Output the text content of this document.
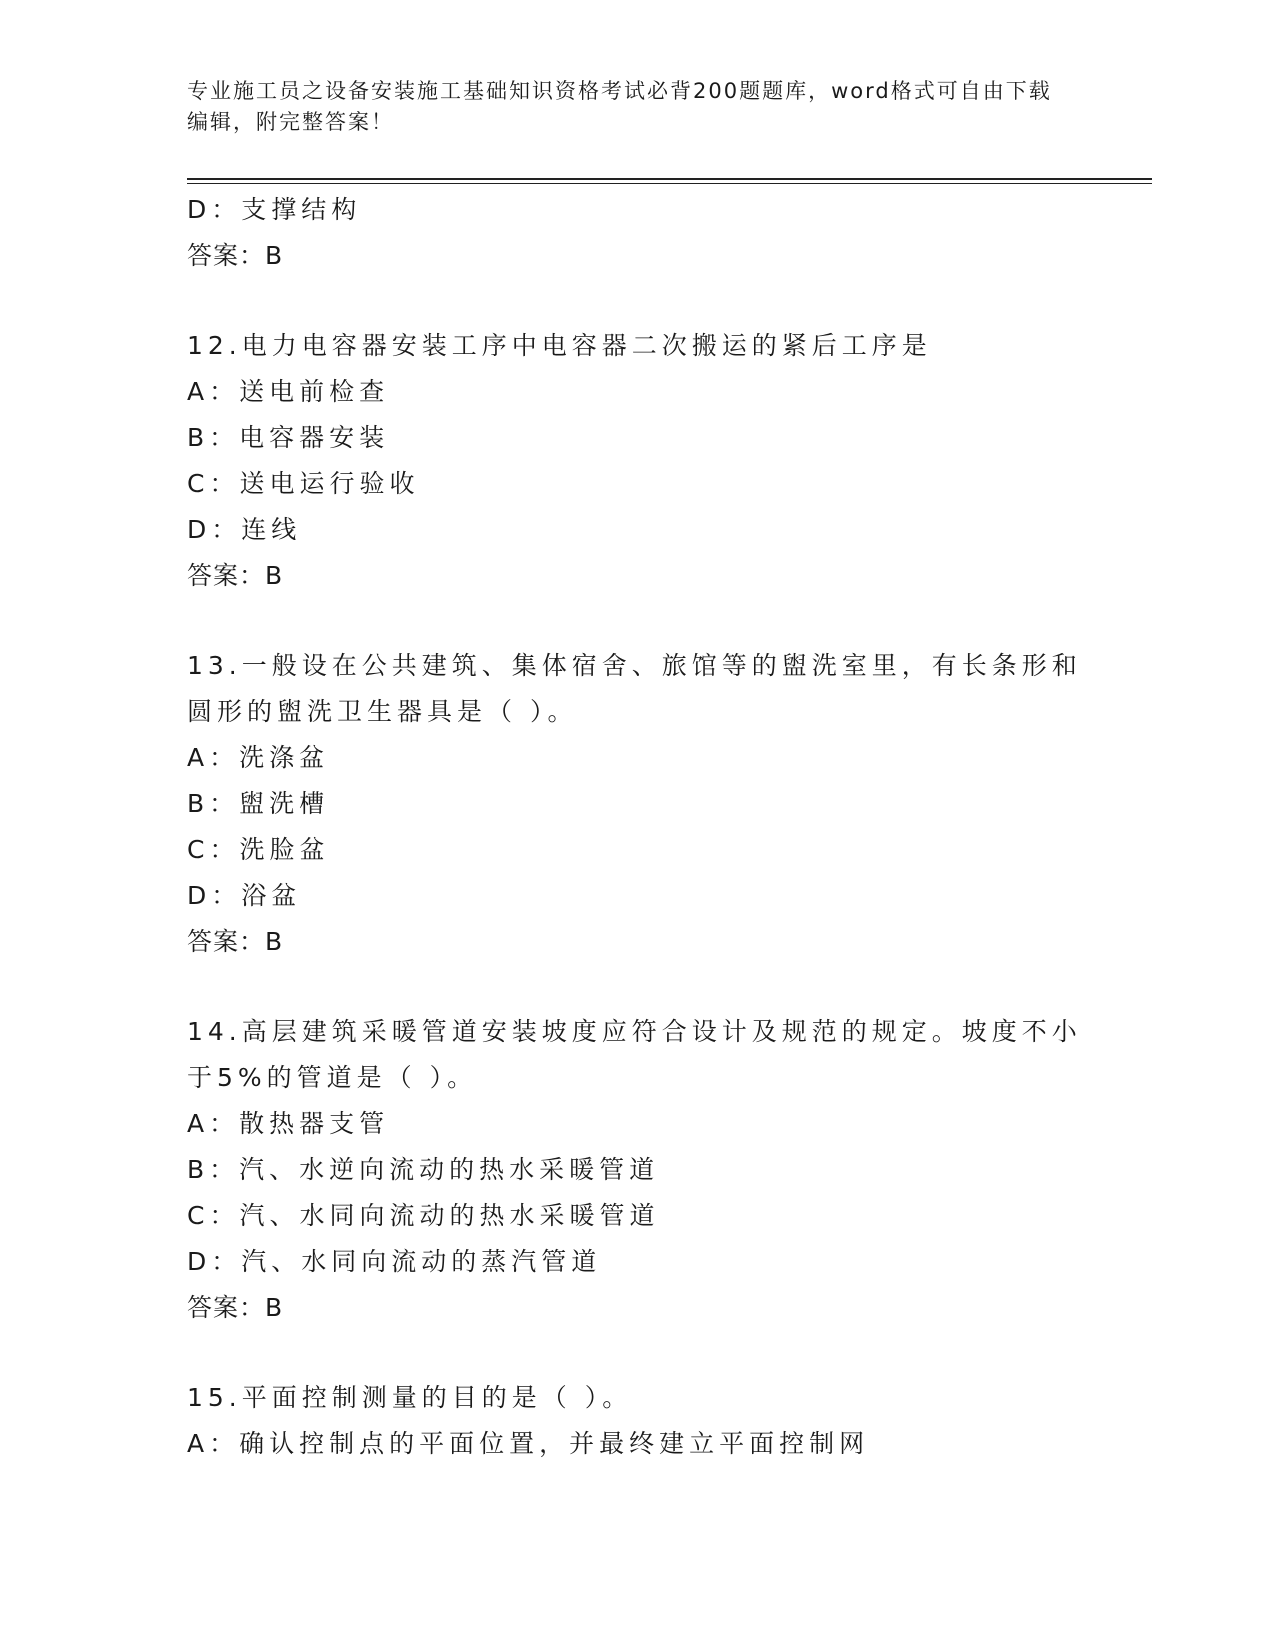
专业施工员之设备安装施工基础知识资格考试必背200题题库，word格式可自由下载编辑，附完整答案！

D：支撑结构

答案：B

12.电力电容器安装工序中电容器二次搬运的紧后工序是

A：送电前检查

B：电容器安装

C：送电运行验收

D：连线

答案：B

13.一般设在公共建筑、集体宿舍、旅馆等的盥洗室里，有长条形和圆形的盥洗卫生器具是（ ）。

A：洗涤盆

B：盥洗槽

C：洗脸盆

D：浴盆

答案：B

14.高层建筑采暖管道安装坡度应符合设计及规范的规定。坡度不小于5%的管道是（ ）。

A：散热器支管

B：汽、水逆向流动的热水采暖管道

C：汽、水同向流动的热水采暖管道

D：汽、水同向流动的蒸汽管道

答案：B

15.平面控制测量的目的是（ ）。

A：确认控制点的平面位置，并最终建立平面控制网
